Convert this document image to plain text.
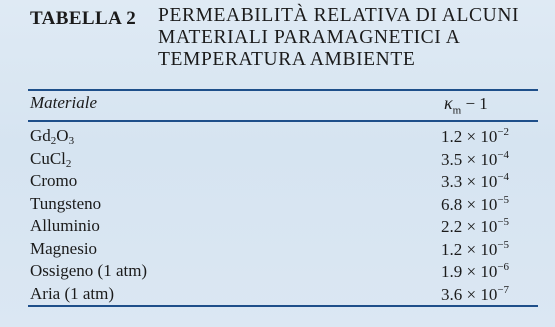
TABELLA 2 PERMEABILITÀ RELATIVA DI ALCUNI
MATERIALI PARAMAGNETICI A
TEMPERATURA AMBIENTE
Materiale	$\kappa_m - 1$
$Gd_2O_3$	$1.2 \times 10^{-2}$
CuCl$_2$	$3.5 \times 10^{-4}$
Cromo	$3.3 \times 10^{-4}$
Tungsteno	$6.8 \times 10^{-5}$
Alluminio	$2.2 \times 10^{-5}$
Magnesio	$1.2 \times 10^{-5}$
Ossigeno (1 atm)	$1.9 \times 10^{-6}$
Aria (1 atm)	$3.6 \times 10^{-7}$
